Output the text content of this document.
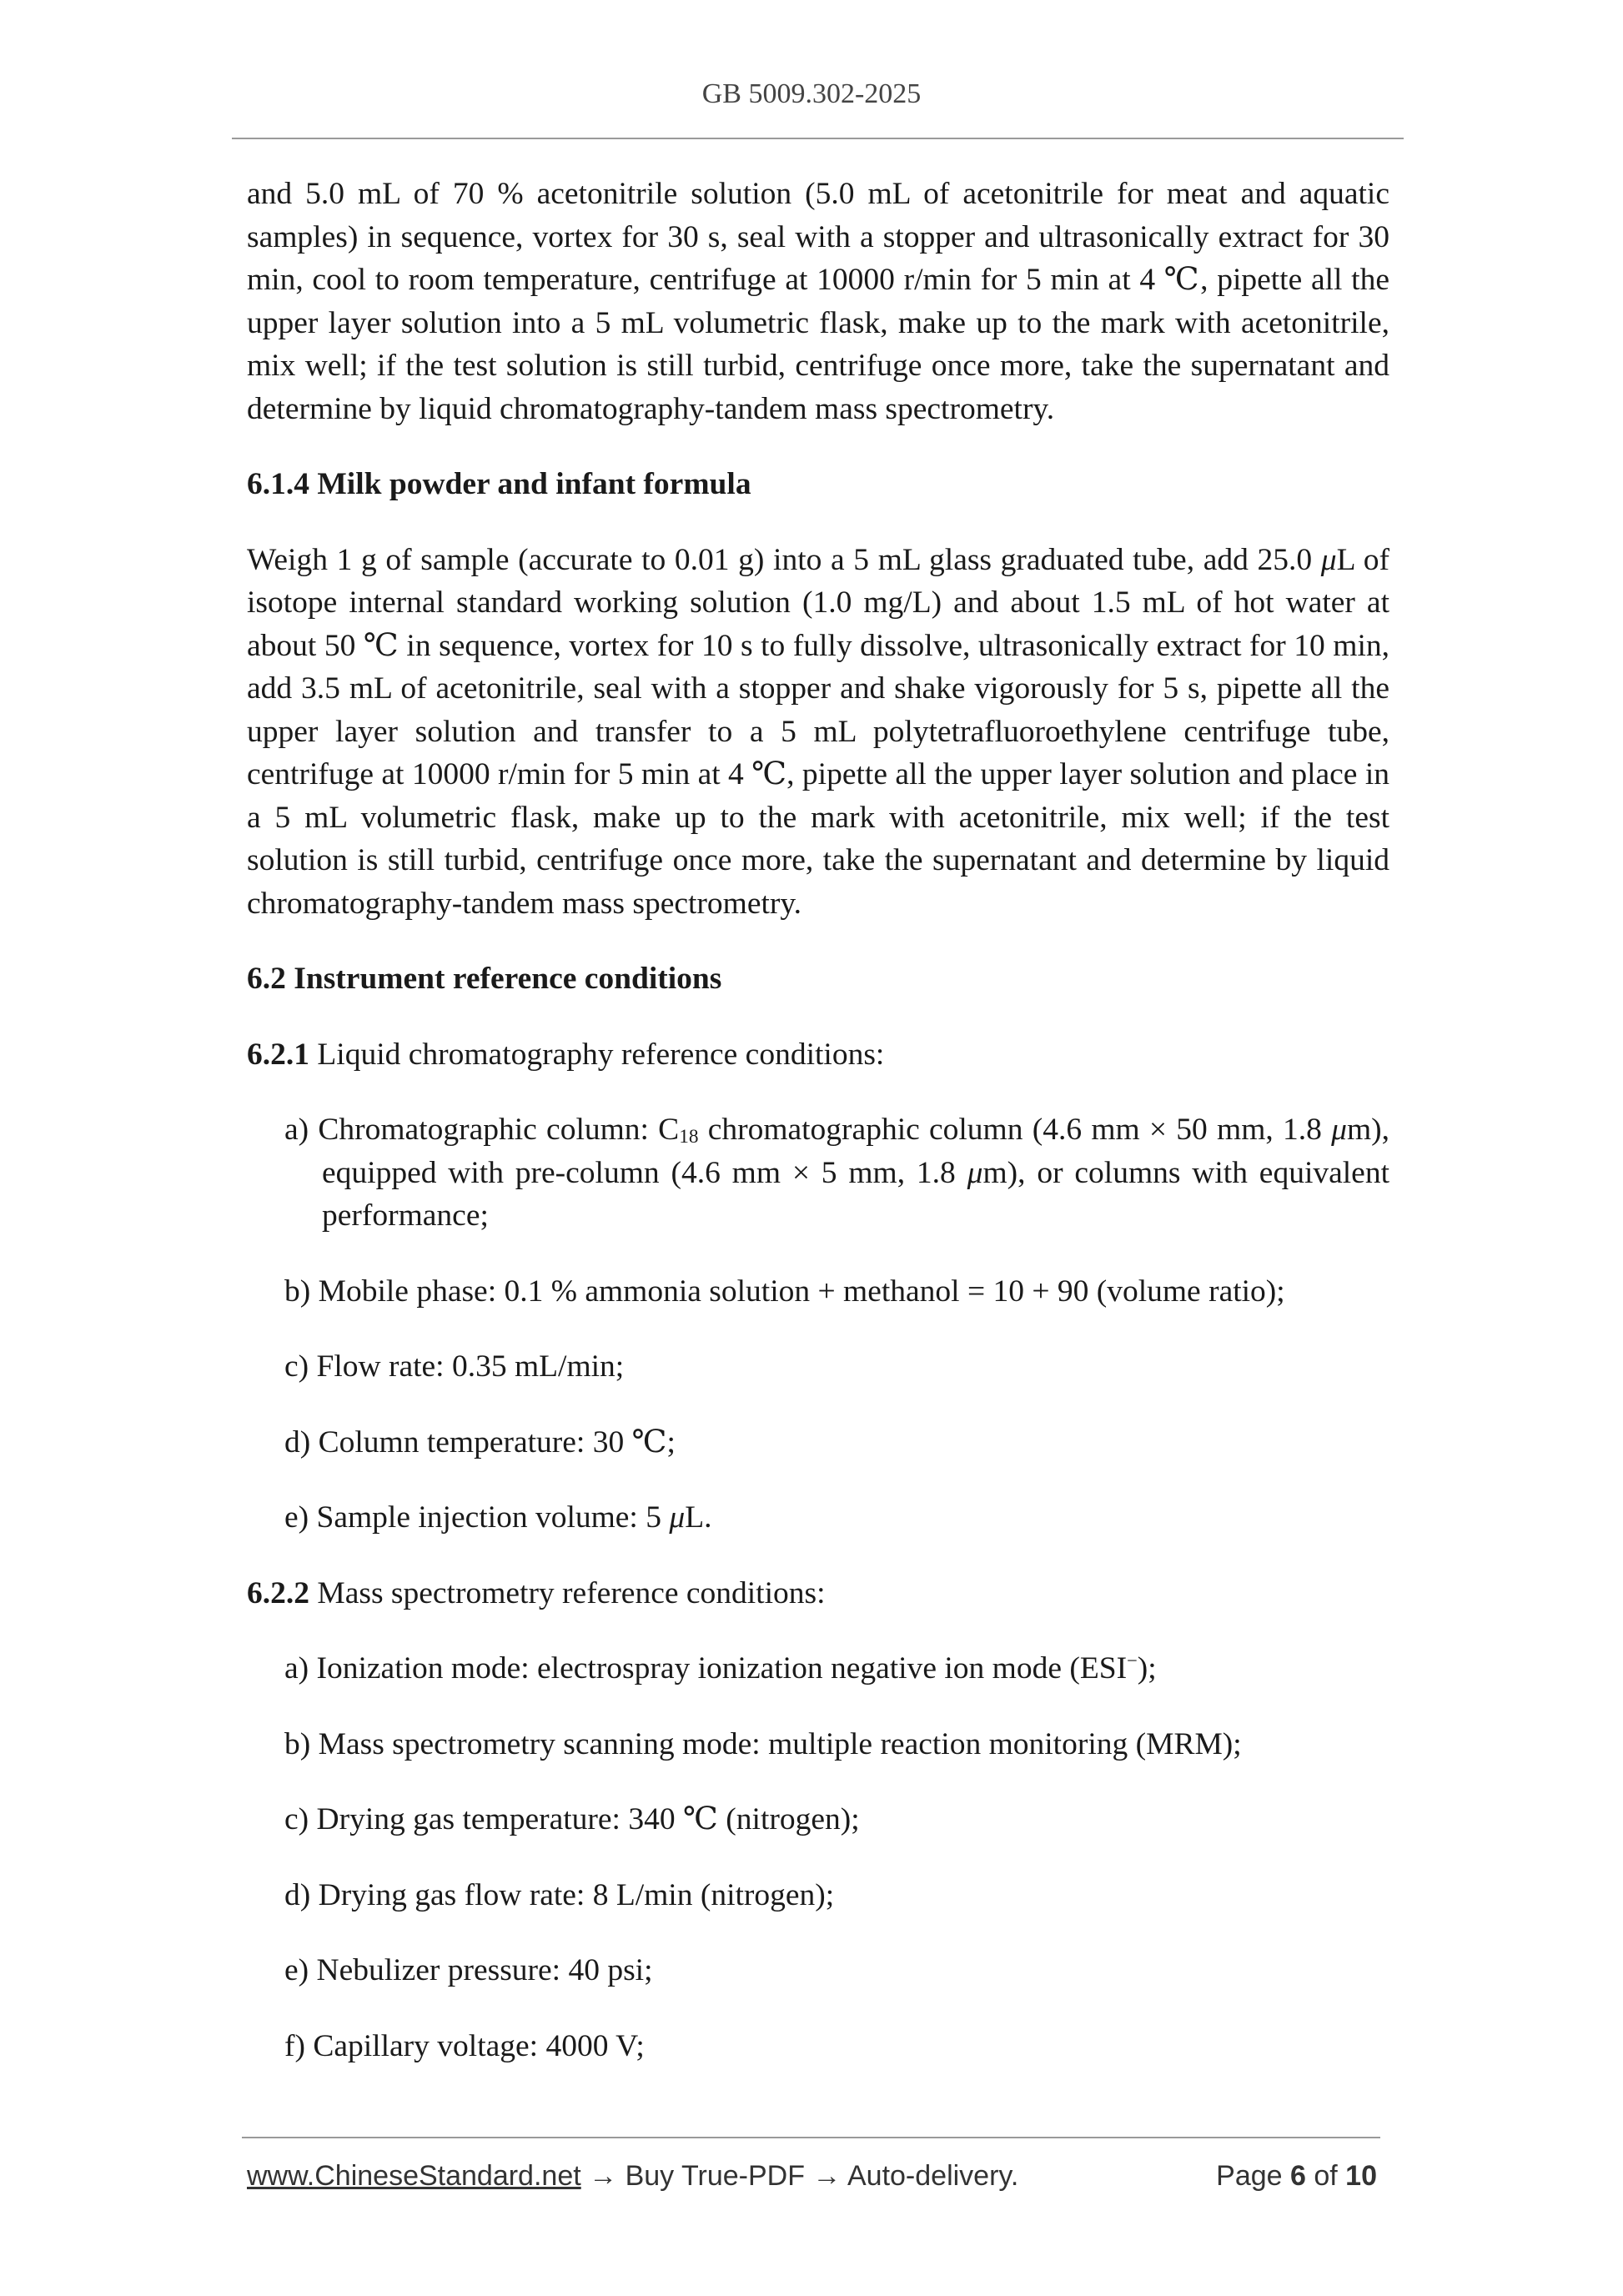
GB 5009.302-2025

and 5.0 mL of 70 % acetonitrile solution (5.0 mL of acetonitrile for meat and aquatic samples) in sequence, vortex for 30 s, seal with a stopper and ultrasonically extract for 30 min, cool to room temperature, centrifuge at 10000 r/min for 5 min at 4 ℃, pipette all the upper layer solution into a 5 mL volumetric flask, make up to the mark with acetonitrile, mix well; if the test solution is still turbid, centrifuge once more, take the supernatant and determine by liquid chromatography-tandem mass spectrometry.

6.1.4 Milk powder and infant formula

Weigh 1 g of sample (accurate to 0.01 g) into a 5 mL glass graduated tube, add 25.0 μL of isotope internal standard working solution (1.0 mg/L) and about 1.5 mL of hot water at about 50 ℃ in sequence, vortex for 10 s to fully dissolve, ultrasonically extract for 10 min, add 3.5 mL of acetonitrile, seal with a stopper and shake vigorously for 5 s, pipette all the upper layer solution and transfer to a 5 mL polytetrafluoroethylene centrifuge tube, centrifuge at 10000 r/min for 5 min at 4 ℃, pipette all the upper layer solution and place in a 5 mL volumetric flask, make up to the mark with acetonitrile, mix well; if the test solution is still turbid, centrifuge once more, take the supernatant and determine by liquid chromatography-tandem mass spectrometry.

6.2 Instrument reference conditions

6.2.1 Liquid chromatography reference conditions:

a) Chromatographic column: $C_{18}$ chromatographic column (4.6 mm × 50 mm, 1.8 μm), equipped with pre-column (4.6 mm × 5 mm, 1.8 μm), or columns with equivalent performance;

b) Mobile phase: 0.1 % ammonia solution + methanol = 10 + 90 (volume ratio);

c) Flow rate: 0.35 mL/min;

d) Column temperature: 30 ℃;

e) Sample injection volume: 5 μL.

6.2.2 Mass spectrometry reference conditions:

a) Ionization mode: electrospray ionization negative ion mode (ESI−);

b) Mass spectrometry scanning mode: multiple reaction monitoring (MRM);

c) Drying gas temperature: 340 ℃ (nitrogen);

d) Drying gas flow rate: 8 L/min (nitrogen);

e) Nebulizer pressure: 40 psi;

f) Capillary voltage: 4000 V;

www.ChineseStandard.net → Buy True-PDF → Auto-delivery.	Page 6 of 10
